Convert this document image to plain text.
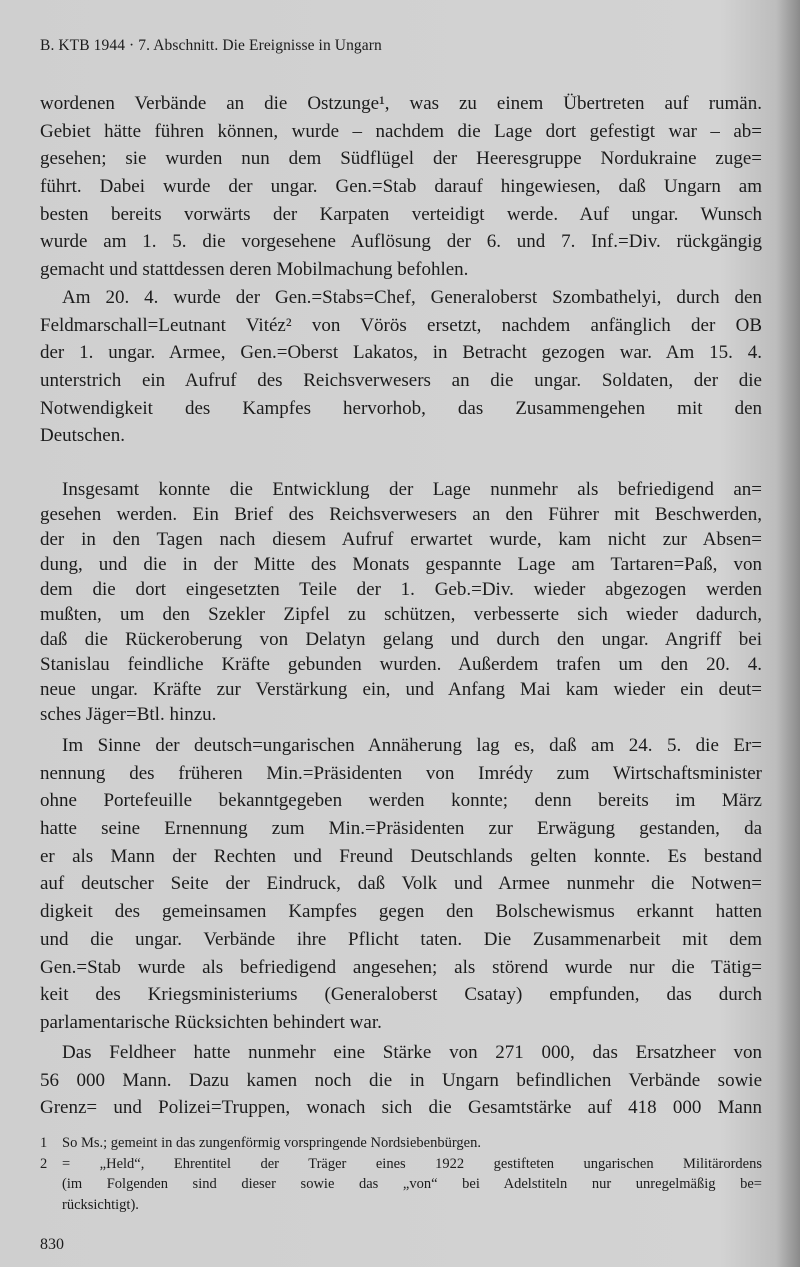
B. KTB 1944 · 7. Abschnitt. Die Ereignisse in Ungarn
wordenen Verbände an die Ostzunge¹, was zu einem Übertreten auf rumän.
Gebiet hätte führen können, wurde – nachdem die Lage dort gefestigt war – ab=
gesehen; sie wurden nun dem Südflügel der Heeresgruppe Nordukraine zuge=
führt. Dabei wurde der ungar. Gen.=Stab darauf hingewiesen, daß Ungarn am
besten bereits vorwärts der Karpaten verteidigt werde. Auf ungar. Wunsch
wurde am 1. 5. die vorgesehene Auflösung der 6. und 7. Inf.=Div. rückgängig
gemacht und stattdessen deren Mobilmachung befohlen.
Am 20. 4. wurde der Gen.=Stabs=Chef, Generaloberst Szombathelyi, durch den
Feldmarschall=Leutnant Vitéz² von Vörös ersetzt, nachdem anfänglich der OB
der 1. ungar. Armee, Gen.=Oberst Lakatos, in Betracht gezogen war. Am 15. 4.
unterstrich ein Aufruf des Reichsverwesers an die ungar. Soldaten, der die
Notwendigkeit des Kampfes hervorhob, das Zusammengehen mit den
Deutschen.
Insgesamt konnte die Entwicklung der Lage nunmehr als befriedigend an=
gesehen werden. Ein Brief des Reichsverwesers an den Führer mit Beschwerden,
der in den Tagen nach diesem Aufruf erwartet wurde, kam nicht zur Absen=
dung, und die in der Mitte des Monats gespannte Lage am Tartaren=Paß, von
dem die dort eingesetzten Teile der 1. Geb.=Div. wieder abgezogen werden
mußten, um den Szekler Zipfel zu schützen, verbesserte sich wieder dadurch,
daß die Rückeroberung von Delatyn gelang und durch den ungar. Angriff bei
Stanislau feindliche Kräfte gebunden wurden. Außerdem trafen um den 20. 4.
neue ungar. Kräfte zur Verstärkung ein, und Anfang Mai kam wieder ein deut=
sches Jäger=Btl. hinzu.
Im Sinne der deutsch=ungarischen Annäherung lag es, daß am 24. 5. die Er=
nennung des früheren Min.=Präsidenten von Imrédy zum Wirtschaftsminister
ohne Portefeuille bekanntgegeben werden konnte; denn bereits im März
hatte seine Ernennung zum Min.=Präsidenten zur Erwägung gestanden, da
er als Mann der Rechten und Freund Deutschlands gelten konnte. Es bestand
auf deutscher Seite der Eindruck, daß Volk und Armee nunmehr die Notwen=
digkeit des gemeinsamen Kampfes gegen den Bolschewismus erkannt hatten
und die ungar. Verbände ihre Pflicht taten. Die Zusammenarbeit mit dem
Gen.=Stab wurde als befriedigend angesehen; als störend wurde nur die Tätig=
keit des Kriegsministeriums (Generaloberst Csatay) empfunden, das durch
parlamentarische Rücksichten behindert war.
Das Feldheer hatte nunmehr eine Stärke von 271 000, das Ersatzheer von
56 000 Mann. Dazu kamen noch die in Ungarn befindlichen Verbände sowie
Grenz= und Polizei=Truppen, wonach sich die Gesamtstärke auf 418 000 Mann
1	So Ms.; gemeint in das zungenförmig vorspringende Nordsiebenbürgen.
2	= „Held“, Ehrentitel der Träger eines 1922 gestifteten ungarischen Militärordens
(im Folgenden sind dieser sowie das „von“ bei Adelstiteln nur unregelmäßig be=
rücksichtigt).
830
